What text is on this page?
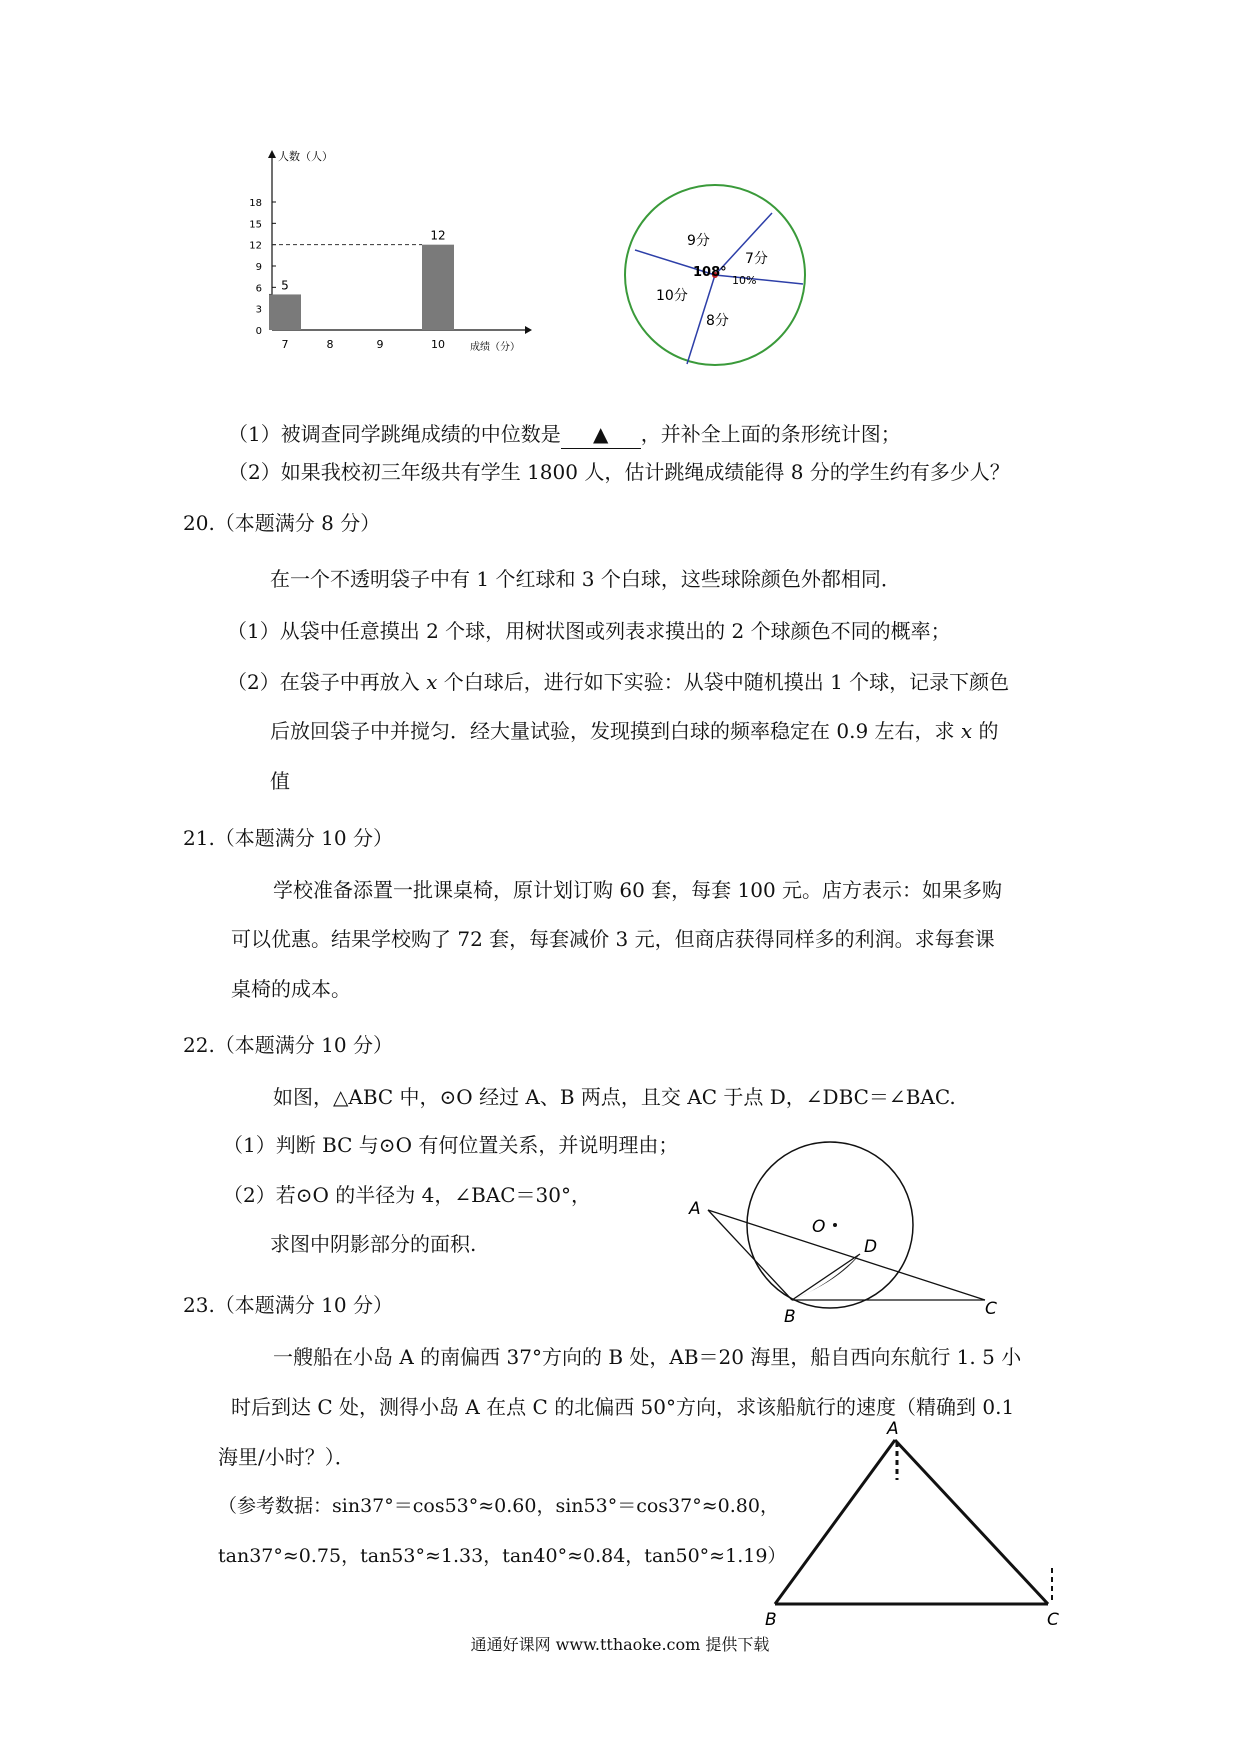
0
3
6
9
12
15
18
7	8	9	10
人数（人）
成绩（分）
5
12	9分
7分
10分
8分
108°
10%
（1）被调查同学跳绳成绩的中位数是 ▲ ，并补全上面的条形统计图；
（2）如果我校初三年级共有学生 1800 人，估计跳绳成绩能得 8 分的学生约有多少人？
20.（本题满分 8 分）
在一个不透明袋子中有 1 个红球和 3 个白球，这些球除颜色外都相同．
（1）从袋中任意摸出 2 个球，用树状图或列表求摸出的 2 个球颜色不同的概率；
（2）在袋子中再放入 x 个白球后，进行如下实验：从袋中随机摸出 1 个球，记录下颜色
后放回袋子中并搅匀．经大量试验，发现摸到白球的频率稳定在 0.9 左右，求 x 的
值
21.（本题满分 10 分）
学校准备添置一批课桌椅，原计划订购 60 套，每套 100 元。店方表示：如果多购
可以优惠。结果学校购了 72 套，每套减价 3 元，但商店获得同样多的利润。求每套课
桌椅的成本。
22.（本题满分 10 分）
如图，△ABC 中，⊙O 经过 A、B 两点，且交 AC 于点 D，∠DBC＝∠BAC.
（1）判断 BC 与⊙O 有何位置关系，并说明理由；
（2）若⊙O 的半径为 4，∠BAC＝30°，
求图中阴影部分的面积.
A
O
D
B	C
23.（本题满分 10 分）
一艘船在小岛 A 的南偏西 37°方向的 B 处，AB＝20 海里，船自西向东航行 1. 5 小
时后到达 C 处，测得小岛 A 在点 C 的北偏西 50°方向，求该船航行的速度（精确到 0.1
海里/小时？）．
（参考数据：sin37°＝cos53°≈0.60，sin53°＝cos37°≈0.80，
tan37°≈0.75，tan53°≈1.33，tan40°≈0.84，tan50°≈1.19）
A
B	C
通通好课网 www.tthaoke.com 提供下载
